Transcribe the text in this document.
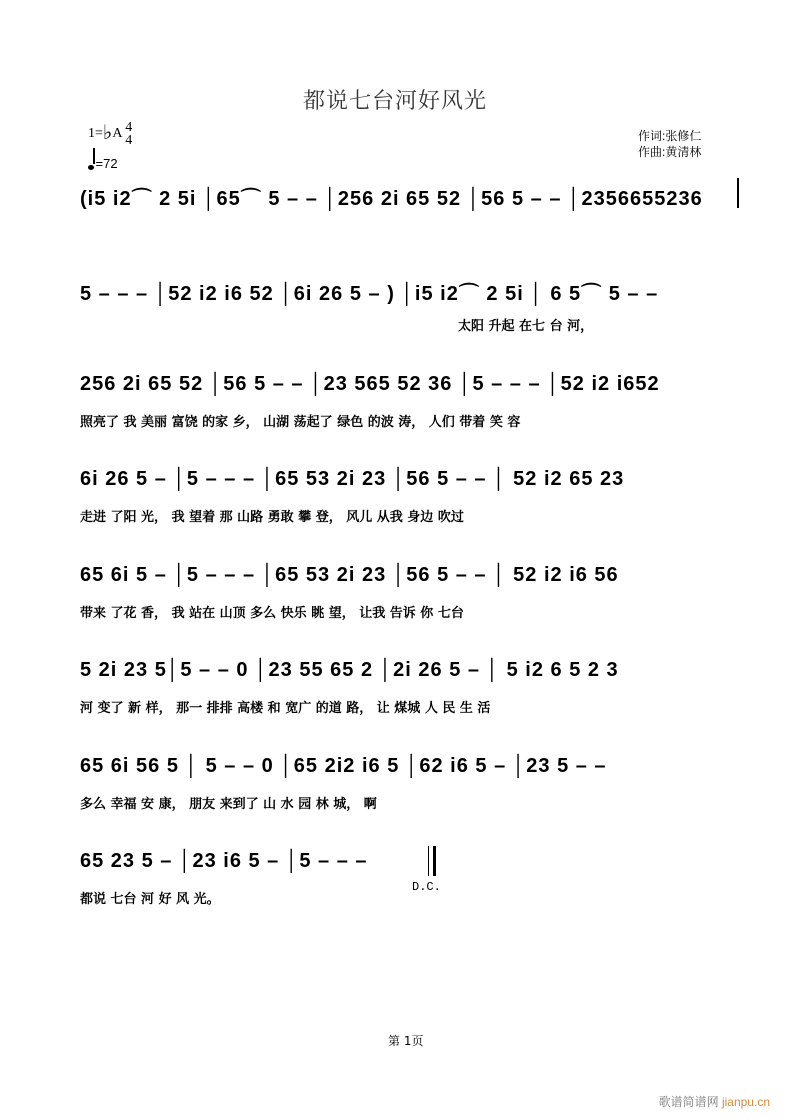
都说七台河好风光
1=♭A 4
4
=72
作词:张修仁
作曲:黄清林
(i5 i2⌒ 2 5i │65⌒ 5 – – │256 2i 65 52 │56 5 – – │2356655236
5 – – – │52 i2 i6 52 │6i 26 5 – ) │i5 i2⌒ 2 5i │ 6 5⌒ 5 – –
太阳 升起 在七 台 河，
256 2i 65 52 │56 5 – – │23 565 52 36 │5 – – – │52 i2 i652
照亮了 我 美丽 富饶 的家 乡， 山湖 荡起了 绿色 的波 涛， 人们 带着 笑 容
6i 26 5 – │5 – – – │65 53 2i 23 │56 5 – – │ 52 i2 65 23
走进 了阳 光， 我 望着 那 山路 勇敢 攀 登， 风儿 从我 身边 吹过
65 6i 5 – │5 – – – │65 53 2i 23 │56 5 – – │ 52 i2 i6 56
带来 了花 香， 我 站在 山顶 多么 快乐 眺 望， 让我 告诉 你 七台
5 2i 23 5│5 – – 0 │23 55 65 2 │2i 26 5 – │ 5 i2 6 5 2 3
河 变了 新 样， 那一 排排 高楼 和 宽广 的道 路， 让 煤城 人 民 生 活
65 6i 56 5 │ 5 – – 0 │65 2i2 i6 5 │62 i6 5 – │23 5 – –
多么 幸福 安 康， 朋友 来到了 山 水 园 林 城， 啊
65 23 5 – │23 i6 5 – │5 – – –
都说 七台 河 好 风 光。
D.C.
第 1页
歌谱简谱网 jianpu.cn
